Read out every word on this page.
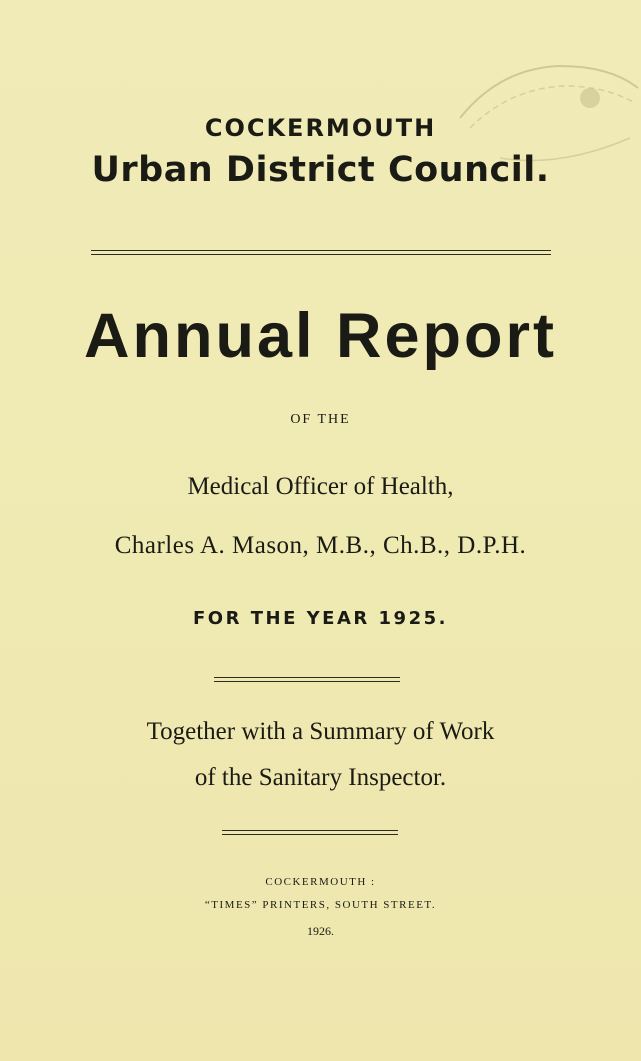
COCKERMOUTH
Urban District Council.
Annual Report
OF THE
Medical Officer of Health,
Charles A. Mason, M.B., Ch.B., D.P.H.
FOR THE YEAR 1925.
Together with a Summary of Work
of the Sanitary Inspector.
COCKERMOUTH :
“TIMES” PRINTERS, SOUTH STREET.
1926.
